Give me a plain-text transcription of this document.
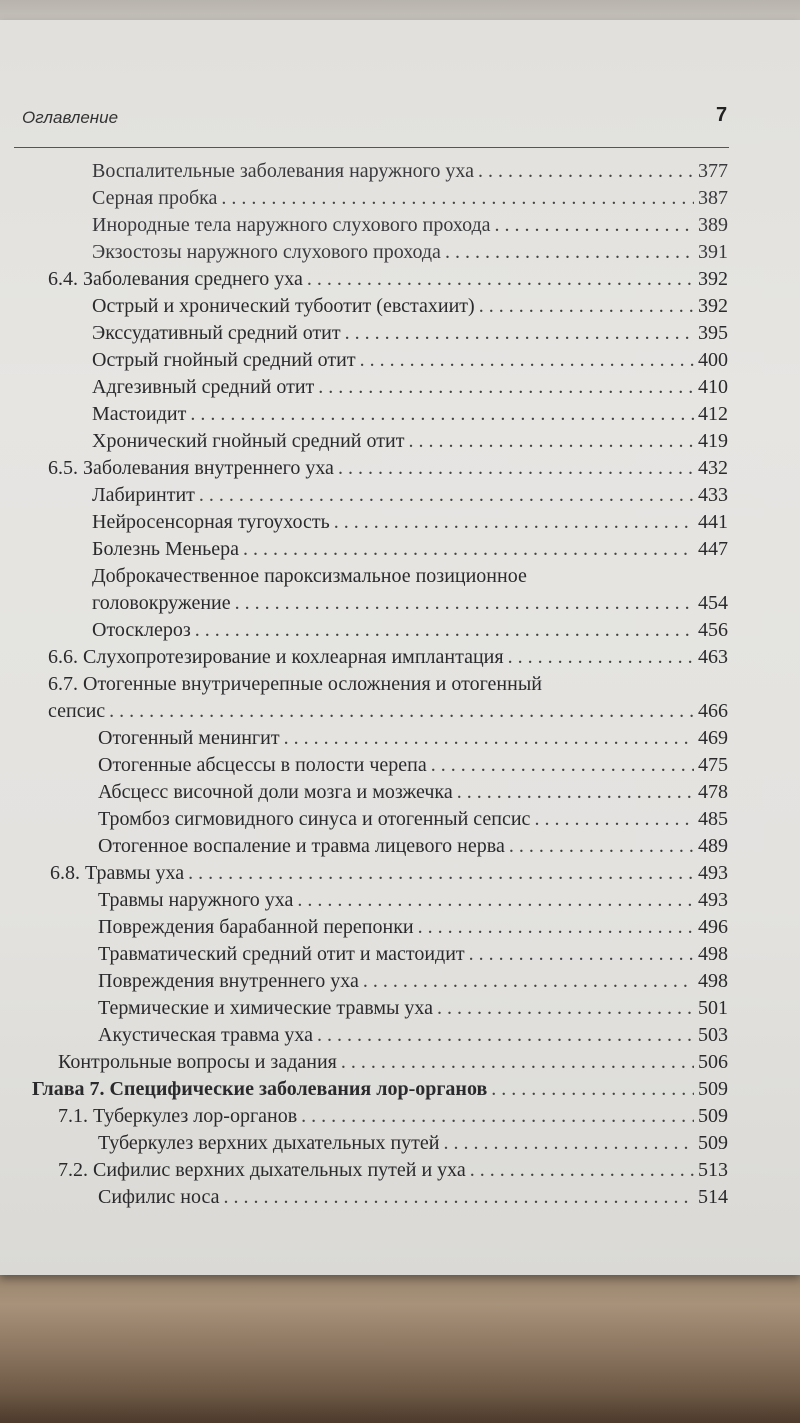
Оглавление	7
Воспалительные заболевания наружного уха . . .	377
Серная пробка . . .	387
Инородные тела наружного слухового прохода . . .	389
Экзостозы наружного слухового прохода . . .	391
6.4. Заболевания среднего уха . . .	392
Острый и хронический тубоотит (евстахиит) . . .	392
Экссудативный средний отит . . .	395
Острый гнойный средний отит . . .	400
Адгезивный средний отит . . .	410
Мастоидит . . .	412
Хронический гнойный средний отит . . .	419
6.5. Заболевания внутреннего уха . . .	432
Лабиринтит . . .	433
Нейросенсорная тугоухость . . .	441
Болезнь Меньера . . .	447
Доброкачественное пароксизмальное позиционное
головокружение . . .	454
Отосклероз . . .	456
6.6. Слухопротезирование и кохлеарная имплантация . . .	463
6.7. Отогенные внутричерепные осложнения и отогенный
сепсис . . .	466
Отогенный менингит . . .	469
Отогенные абсцессы в полости черепа . . .	475
Абсцесс височной доли мозга и мозжечка . . .	478
Тромбоз сигмовидного синуса и отогенный сепсис . . .	485
Отогенное воспаление и травма лицевого нерва . . .	489
6.8. Травмы уха . . .	493
Травмы наружного уха . . .	493
Повреждения барабанной перепонки . . .	496
Травматический средний отит и мастоидит . . .	498
Повреждения внутреннего уха . . .	498
Термические и химические травмы уха . . .	501
Акустическая травма уха . . .	503
Контрольные вопросы и задания . . .	506
Глава 7. Специфические заболевания лор-органов . . .	509
7.1. Туберкулез лор-органов . . .	509
Туберкулез верхних дыхательных путей . . .	509
7.2. Сифилис верхних дыхательных путей и уха . . .	513
Сифилис носа . . .	514
